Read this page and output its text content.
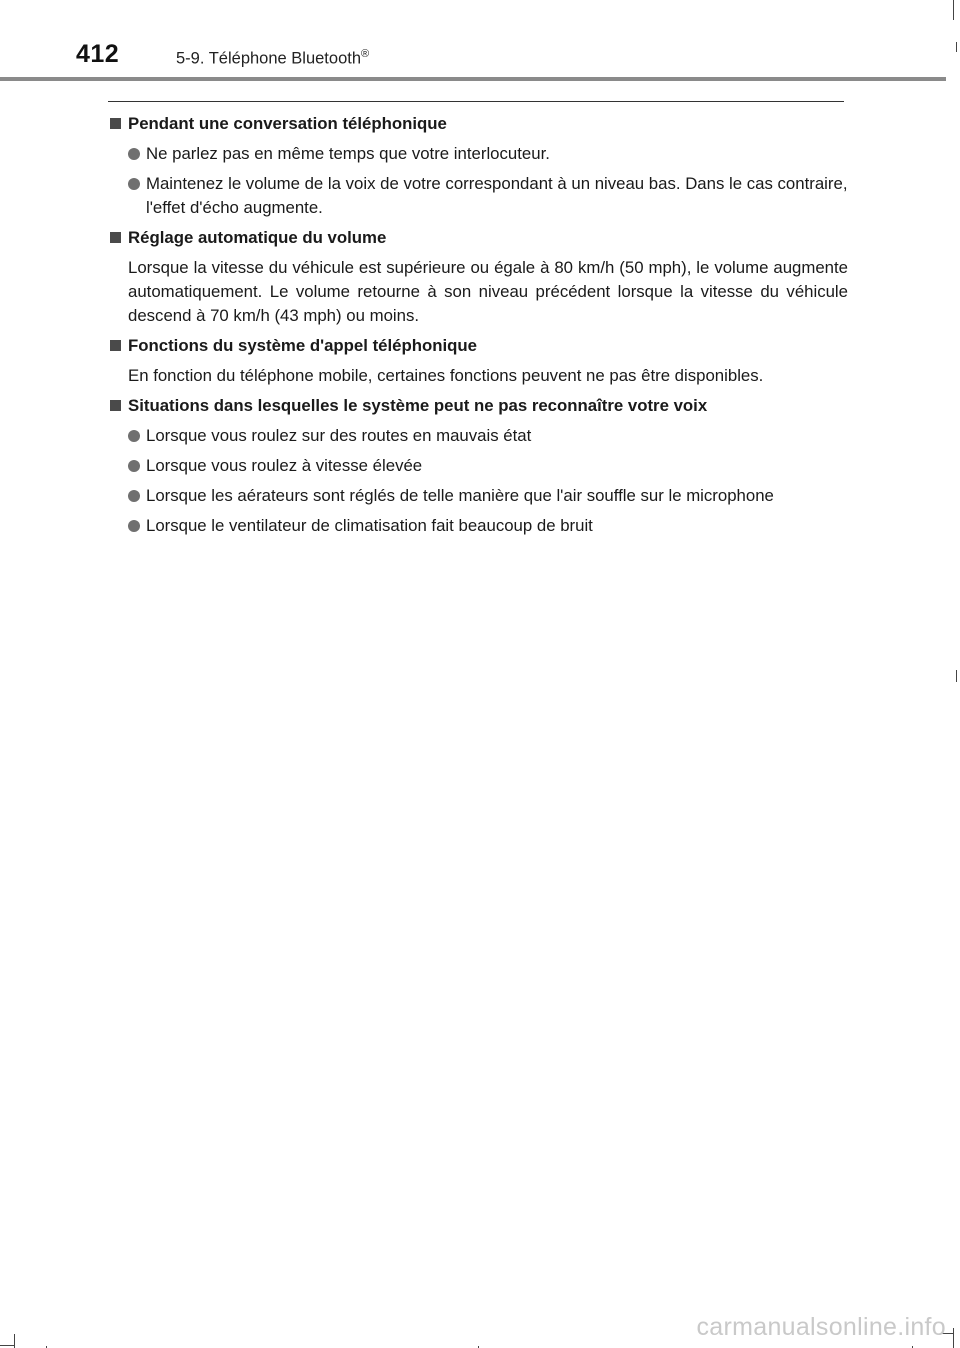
412	5-9. Téléphone Bluetooth®
Pendant une conversation téléphonique
Ne parlez pas en même temps que votre interlocuteur.
Maintenez le volume de la voix de votre correspondant à un niveau bas. Dans le cas contraire, l'effet d'écho augmente.
Réglage automatique du volume
Lorsque la vitesse du véhicule est supérieure ou égale à 80 km/h (50 mph), le volume augmente automatiquement. Le volume retourne à son niveau précédent lorsque la vitesse du véhicule descend à 70 km/h (43 mph) ou moins.
Fonctions du système d'appel téléphonique
En fonction du téléphone mobile, certaines fonctions peuvent ne pas être disponibles.
Situations dans lesquelles le système peut ne pas reconnaître votre voix
Lorsque vous roulez sur des routes en mauvais état
Lorsque vous roulez à vitesse élevée
Lorsque les aérateurs sont réglés de telle manière que l'air souffle sur le microphone
Lorsque le ventilateur de climatisation fait beaucoup de bruit
carmanualsonline.info
